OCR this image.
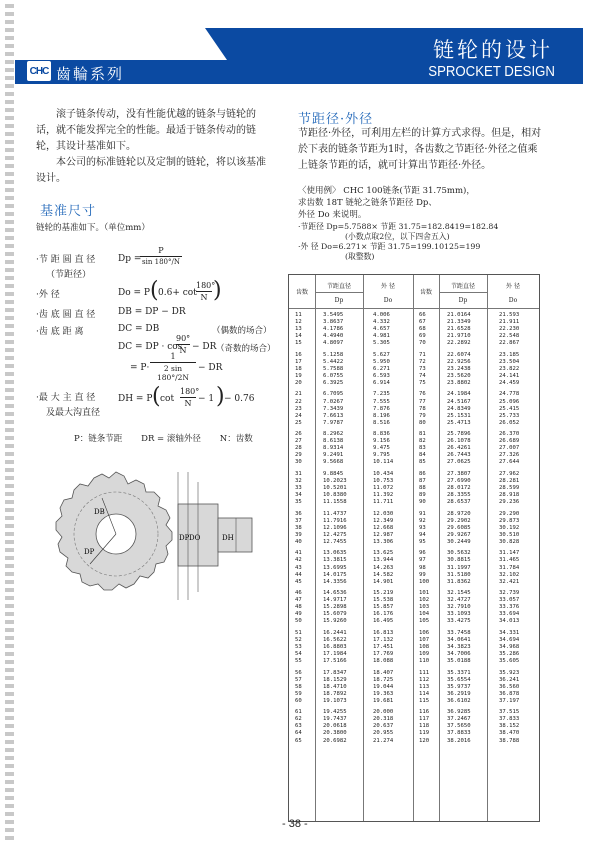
CHC 齒輪系列
链轮的设计
SPROCKET DESIGN
滚子链条传动，没有性能优越的链条与链轮的话，就不能发挥完全的性能。最适于链条传动的链轮，其设计基准如下。
本公司的标准链轮以及定制的链轮，将以该基准设计。
基准尺寸
链轮的基准如下。（单位mm）
·节 距 圆 直 径
（节距径）
·外 径
·齿 底 圆 直 径
·齿 底 距 离
·最 大 主 直 径
及最大沟直径
Dp =
P
sin 180°/N
Do = P ( 0.6+ cot
180°
N )
DB = DP − DR
DC = DB	（偶数的场合）
DC = DP · cos
90°
N − DR （奇数的场合）
= P·
1
2 sin 180°/2N
− DR
DH = P ( cot
180°
N − 1 ) − 0.76
P：链条节距       DR = 滚轴外径       N：齿数
DP
DB
DP DO	DH
节距径·外径
节距径·外径，可利用左栏的计算方式求得。但是，相对於下表的链条节距为1时，各齿数之节距径·外径之值乘上链条节距的话，就可计算出节距径·外径。
〈使用例〉 CHC 100链条(节距 31.75mm)，
求齿数 18T 链轮之链条节距径 Dp、
外径 Do 来说明。
·节距径 Dp=5.7588× 节距 31.75=182.8419=182.84
(小数点取2位，以下四舍五入)
·外 径 Do=6.271× 节距 31.75=199.10125=199
(取整数)
齿数
节距直径
Dp
外 径
Do
齿数
节距直径
Dp
外 径
Do
11
12
13
14
15
16
17
18
19
20
21
22
23
24
25
26
27
28
29
30
31
32
33
34
35
36
37
38
39
40
41
42
43
44
45
46
47
48
49
50
51
52
53
54
55
56
57
58
59
60
61
62
63
64
65
3.5495
3.8637
4.1786
4.4940
4.8097
5.1258
5.4422
5.7588
6.0755
6.3925
6.7095
7.0267
7.3439
7.6613
7.9787
8.2962
8.6138
8.9314
9.2491
9.5668
9.8845
10.2023
10.5201
10.8380
11.1558
11.4737
11.7916
12.1096
12.4275
12.7455
13.0635
13.3815
13.6995
14.0175
14.3356
14.6536
14.9717
15.2898
15.6079
15.9260
16.2441
16.5622
16.8803
17.1984
17.5166
17.8347
18.1529
18.4710
18.7892
19.1073
19.4255
19.7437
20.0618
20.3800
20.6982
4.006
4.332
4.657
4.981
5.305
5.627
5.950
6.271
6.593
6.914
7.235
7.555
7.876
8.196
8.516
8.836
9.156
9.475
9.795
10.114
10.434
10.753
11.072
11.392
11.711
12.030
12.349
12.668
12.987
13.306
13.625
13.944
14.263
14.582
14.901
15.219
15.538
15.857
16.176
16.495
16.813
17.132
17.451
17.769
18.088
18.407
18.725
19.044
19.363
19.681
20.000
20.318
20.637
20.955
21.274
66
67
68
69
70
71
72
73
74
75
76
77
78
79
80
81
82
83
84
85
86
87
88
89
90
91
92
93
94
95
96
97
98
99
100
101
102
103
104
105
106
107
108
109
110
111
112
113
114
115
116
117
118
119
120
21.0164
21.3349
21.6528
21.9710
22.2892
22.6074
22.9256
23.2438
23.5620
23.8802
24.1984
24.5167
24.8349
25.1531
25.4713
25.7896
26.1078
26.4261
26.7443
27.0625
27.3807
27.6990
28.0172
28.3355
28.6537
28.9720
29.2902
29.6085
29.9267
30.2449
30.5632
30.8815
31.1997
31.5180
31.8362
32.1545
32.4727
32.7910
33.1093
33.4275
33.7458
34.0641
34.3823
34.7006
35.0188
35.3371
35.6554
35.9737
36.2919
36.6102
36.9285
37.2467
37.5650
37.8833
38.2016
21.593
21.911
22.230
22.548
22.867
23.185
23.504
23.822
24.141
24.459
24.778
25.096
25.415
25.733
26.052
26.370
26.689
27.007
27.326
27.644
27.962
28.281
28.599
28.918
29.236
29.290
29.873
30.192
30.510
30.828
31.147
31.465
31.784
32.102
32.421
32.739
33.057
33.376
33.694
34.013
34.331
34.694
34.968
35.286
35.605
35.923
36.241
36.560
36.878
37.197
37.515
37.833
38.152
38.470
38.788
- 38 -
